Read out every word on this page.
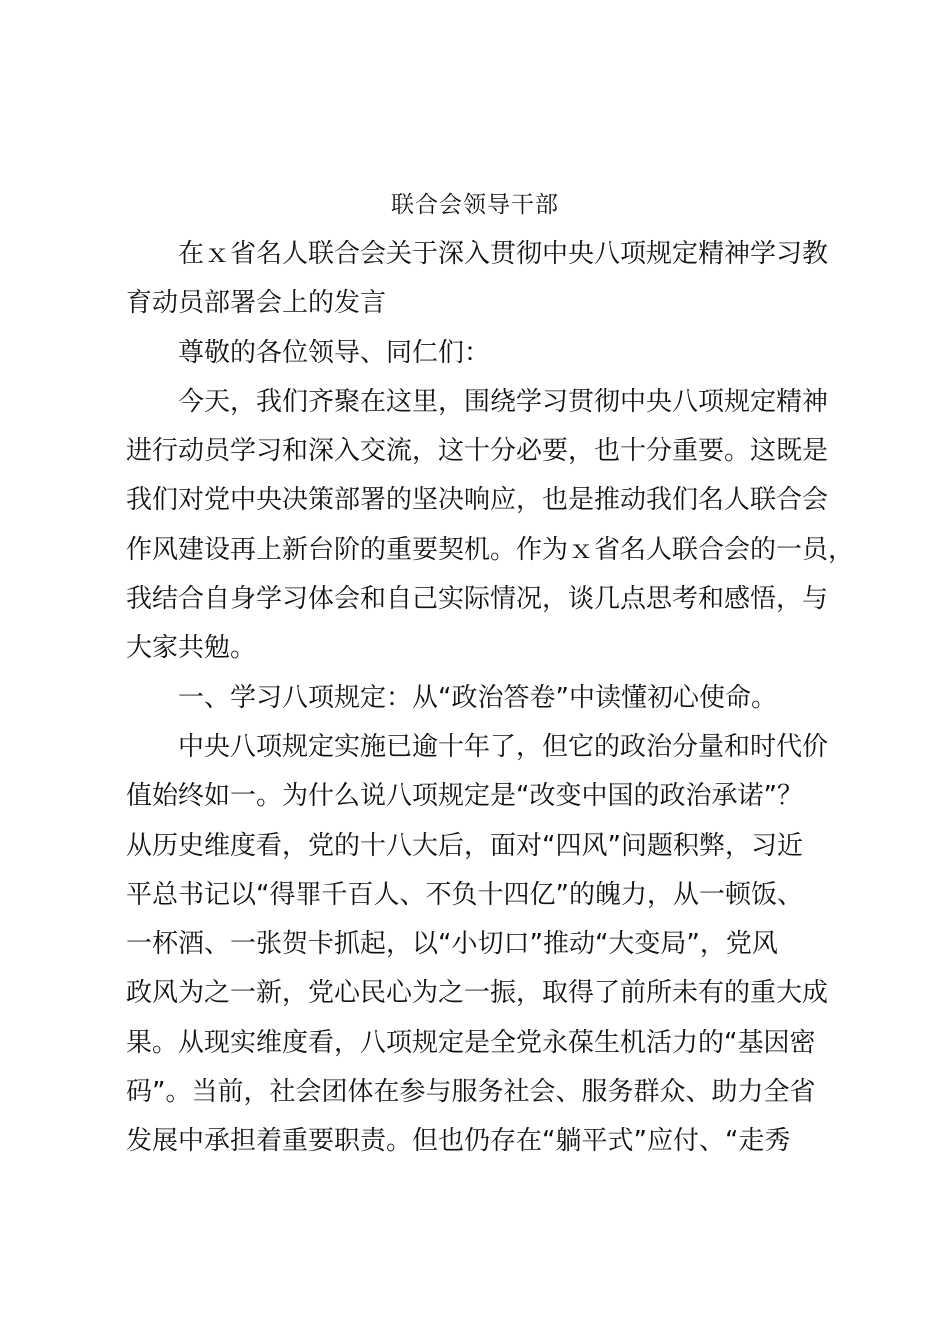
联合会领导干部
在ｘ省名人联合会关于深入贯彻中央八项规定精神学习教
育动员部署会上的发言
尊敬的各位领导、同仁们：
今天，我们齐聚在这里，围绕学习贯彻中央八项规定精神
进行动员学习和深入交流，这十分必要，也十分重要。这既是
我们对党中央决策部署的坚决响应，也是推动我们名人联合会
作风建设再上新台阶的重要契机。作为ｘ省名人联合会的一员，
我结合自身学习体会和自己实际情况，谈几点思考和感悟，与
大家共勉。
一、学习八项规定：从“政治答卷”中读懂初心使命。
中央八项规定实施已逾十年了，但它的政治分量和时代价
值始终如一。为什么说八项规定是“改变中国的政治承诺”？
从历史维度看，党的十八大后，面对“四风”问题积弊，习近
平总书记以“得罪千百人、不负十四亿”的魄力，从一顿饭、
一杯酒、一张贺卡抓起，以“小切口”推动“大变局”，党风
政风为之一新，党心民心为之一振，取得了前所未有的重大成
果。从现实维度看，八项规定是全党永葆生机活力的“基因密
码”。当前，社会团体在参与服务社会、服务群众、助力全省
发展中承担着重要职责。但也仍存在“躺平式”应付、“走秀
